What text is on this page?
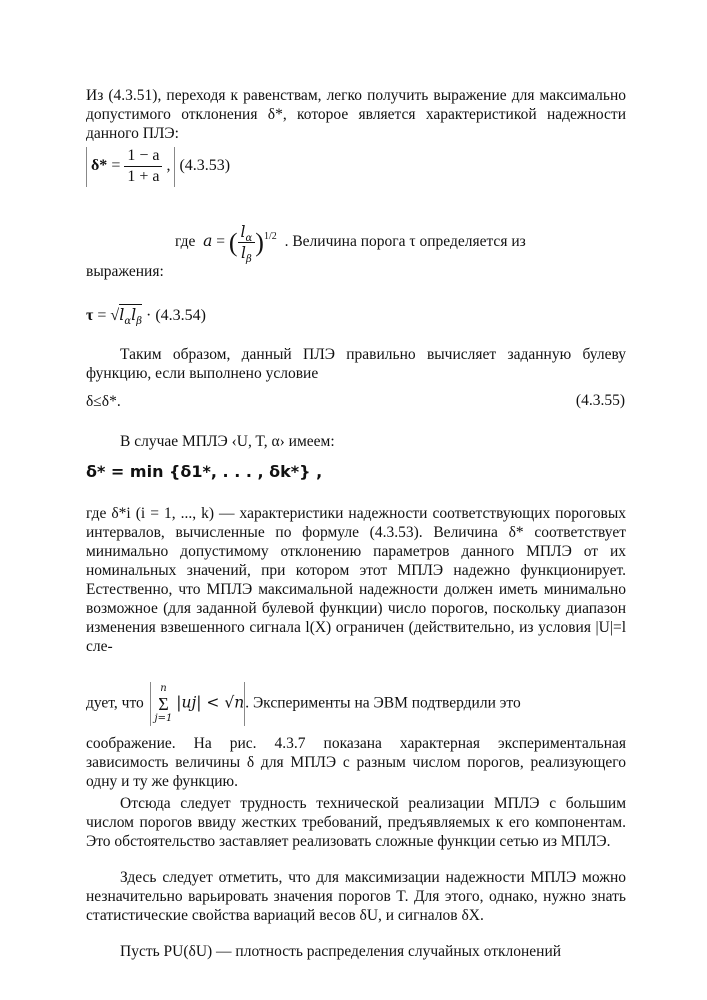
Из (4.3.51), переходя к равенствам, легко получить выражение для максимально допустимого отклонения δ*, которое является характеристикой надежности данного ПЛЭ:
$\delta* = \frac{1 - a}{1 + a}$ , (4.3.53)
где a = ( $\frac{l_\alpha}{l_\beta} )^{1/2}$ . Величина порога τ определяется из
выражения:
$\tau = √l_\alpha l_\beta \cdot (4.3.54)$
Таким образом, данный ПЛЭ правильно вычисляет заданную булеву функцию, если выполнено условие
δ≤δ*.	(4.3.55)
В случае МПЛЭ ‹U, T, α› имеем:
δ* = min {δ1*, . . . , δk*} ,
где δ*i (i = 1, ..., k) — характеристики надежности соответствующих пороговых интервалов, вычисленные по формуле (4.3.53). Величина δ* соответствует минимально допустимому отклонению параметров данного МПЛЭ от их номинальных значений, при котором этот МПЛЭ надежно функционирует. Естественно, что МПЛЭ максимальной надежности должен иметь минимально возможное (для заданной булевой функции) число порогов, поскольку диапазон изменения взвешенного сигнала l(X) ограничен (действительно, из условия |U|=l сле-
дует, что
n
Σ
j=1
|uj| < √n. Эксперименты на ЭВМ подтвердили это
соображение. На рис. 4.3.7 показана характерная экспериментальная зависимость величины δ для МПЛЭ с разным числом порогов, реализующего одну и ту же функцию.
Отсюда следует трудность технической реализации МПЛЭ с большим числом порогов ввиду жестких требований, предъявляемых к его компонентам. Это обстоятельство заставляет реализовать сложные функции сетью из МПЛЭ.
Здесь следует отметить, что для максимизации надежности МПЛЭ можно незначительно варьировать значения порогов T. Для этого, однако, нужно знать статистические свойства вариаций весов δU, и сигналов δX.
Пусть PU(δU) — плотность распределения случайных отклонений
